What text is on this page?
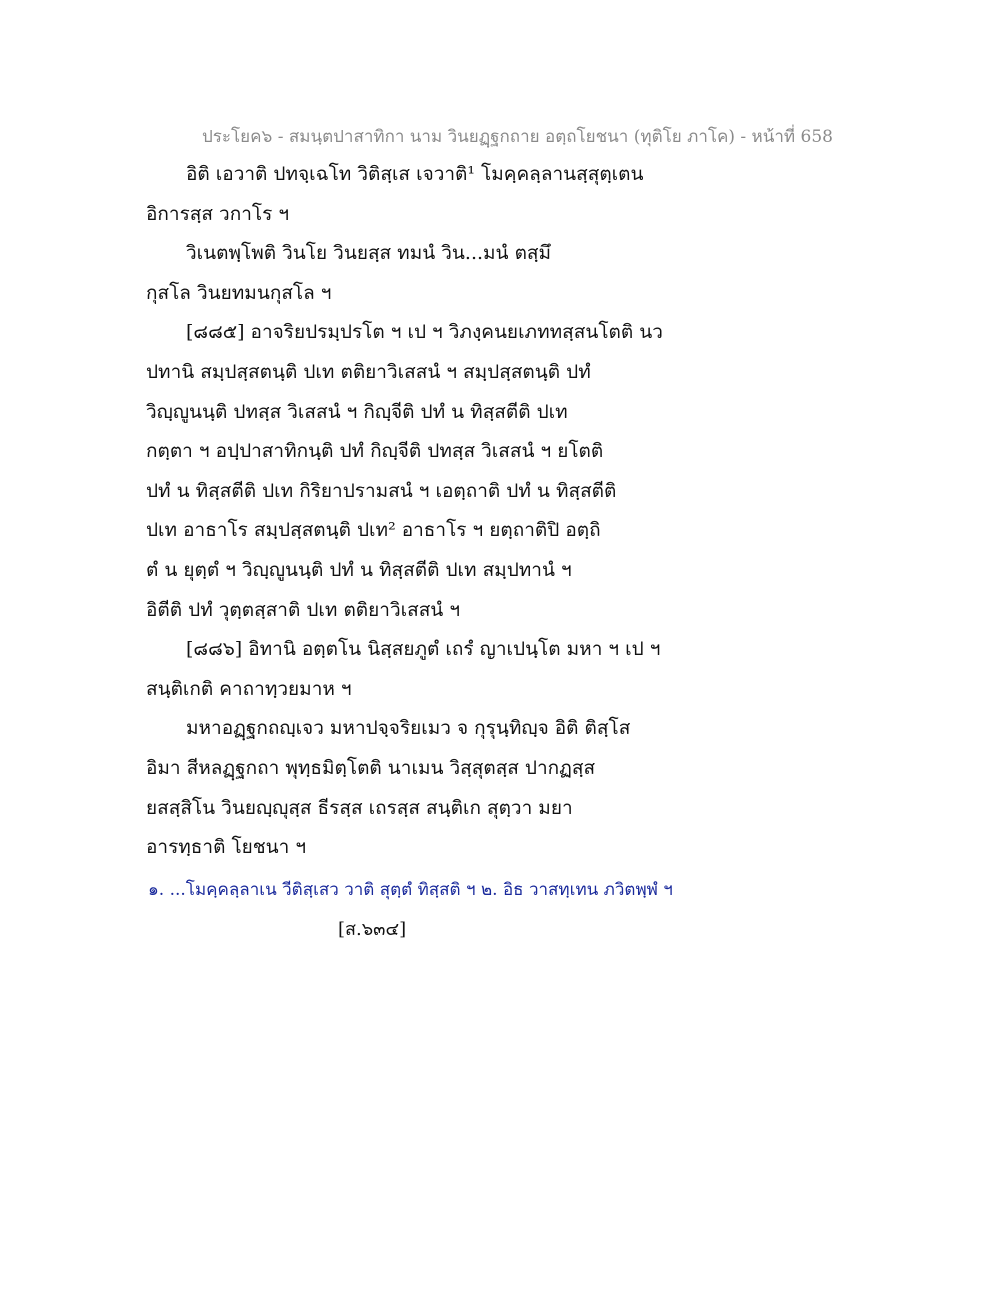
ประโยค๖ - สมนฺตปาสาทิกา นาม วินยฏฺฐกถาย อตฺถโยชนา (ทุติโย ภาโค) - หน้าที่ 658
อิติ เอวาติ ปทจฺเฉโท วิติสฺเส เจวาติ¹ โมคฺคลฺลานสฺสุตฺเตน
อิการสฺส วกาโร ฯ
วิเนตพฺโพติ วินโย วินยสฺส ทมนํ วิน...มนํ ตสฺมึ
กุสโล วินยทมนกุสโล ฯ
[๘๘๕] อาจริยปรมฺปรโต ฯ เป ฯ วิภงฺคนยเภททสฺสนโตติ นว
ปทานิ สมฺปสฺสตนฺติ ปเท ตติยาวิเสสนํ ฯ สมฺปสฺสตนฺติ ปทํ
วิญฺญูนนฺติ ปทสฺส วิเสสนํ ฯ กิญฺจีติ ปทํ น ทิสฺสตีติ ปเท
กตฺตา ฯ อปฺปาสาทิกนฺติ ปทํ กิญฺจีติ ปทสฺส วิเสสนํ ฯ ยโตติ
ปทํ น ทิสฺสตีติ ปเท กิริยาปรามสนํ ฯ เอตฺถาติ ปทํ น ทิสฺสตีติ
ปเท อาธาโร สมฺปสฺสตนฺติ ปเท² อาธาโร ฯ ยตฺถาติปิ อตฺถิ
ตํ น ยุตฺตํ ฯ วิญฺญูนนฺติ ปทํ น ทิสฺสตีติ ปเท สมฺปทานํ ฯ
อิตีติ ปทํ วุตฺตสฺสาติ ปเท ตติยาวิเสสนํ ฯ
[๘๘๖] อิทานิ อตฺตโน นิสฺสยภูตํ เถรํ ญาเปนฺโต มหา ฯ เป ฯ
สนฺติเกติ คาถาทฺวยมาห ฯ
มหาอฏฺฐกถญฺเจว มหาปจฺจริยเมว จ กุรุนฺทิญฺจ อิติ ติสฺโส
อิมา สีหลฏฺฐกถา พุทฺธมิตฺโตติ นาเมน วิสฺสุตสฺส ปากฏสฺส
ยสสฺสิโน วินยญฺญุสฺส ธีรสฺส เถรสฺส สนฺติเก สุตฺวา มยา
อารทฺธาติ โยชนา ฯ
๑. ...โมคฺคลฺลาเน วีติสฺเสว วาติ สุตฺตํ ทิสฺสติ ฯ ๒. อิธ วาสทฺเทน ภวิตพฺพํ ฯ
[ส.๖๓๔]
